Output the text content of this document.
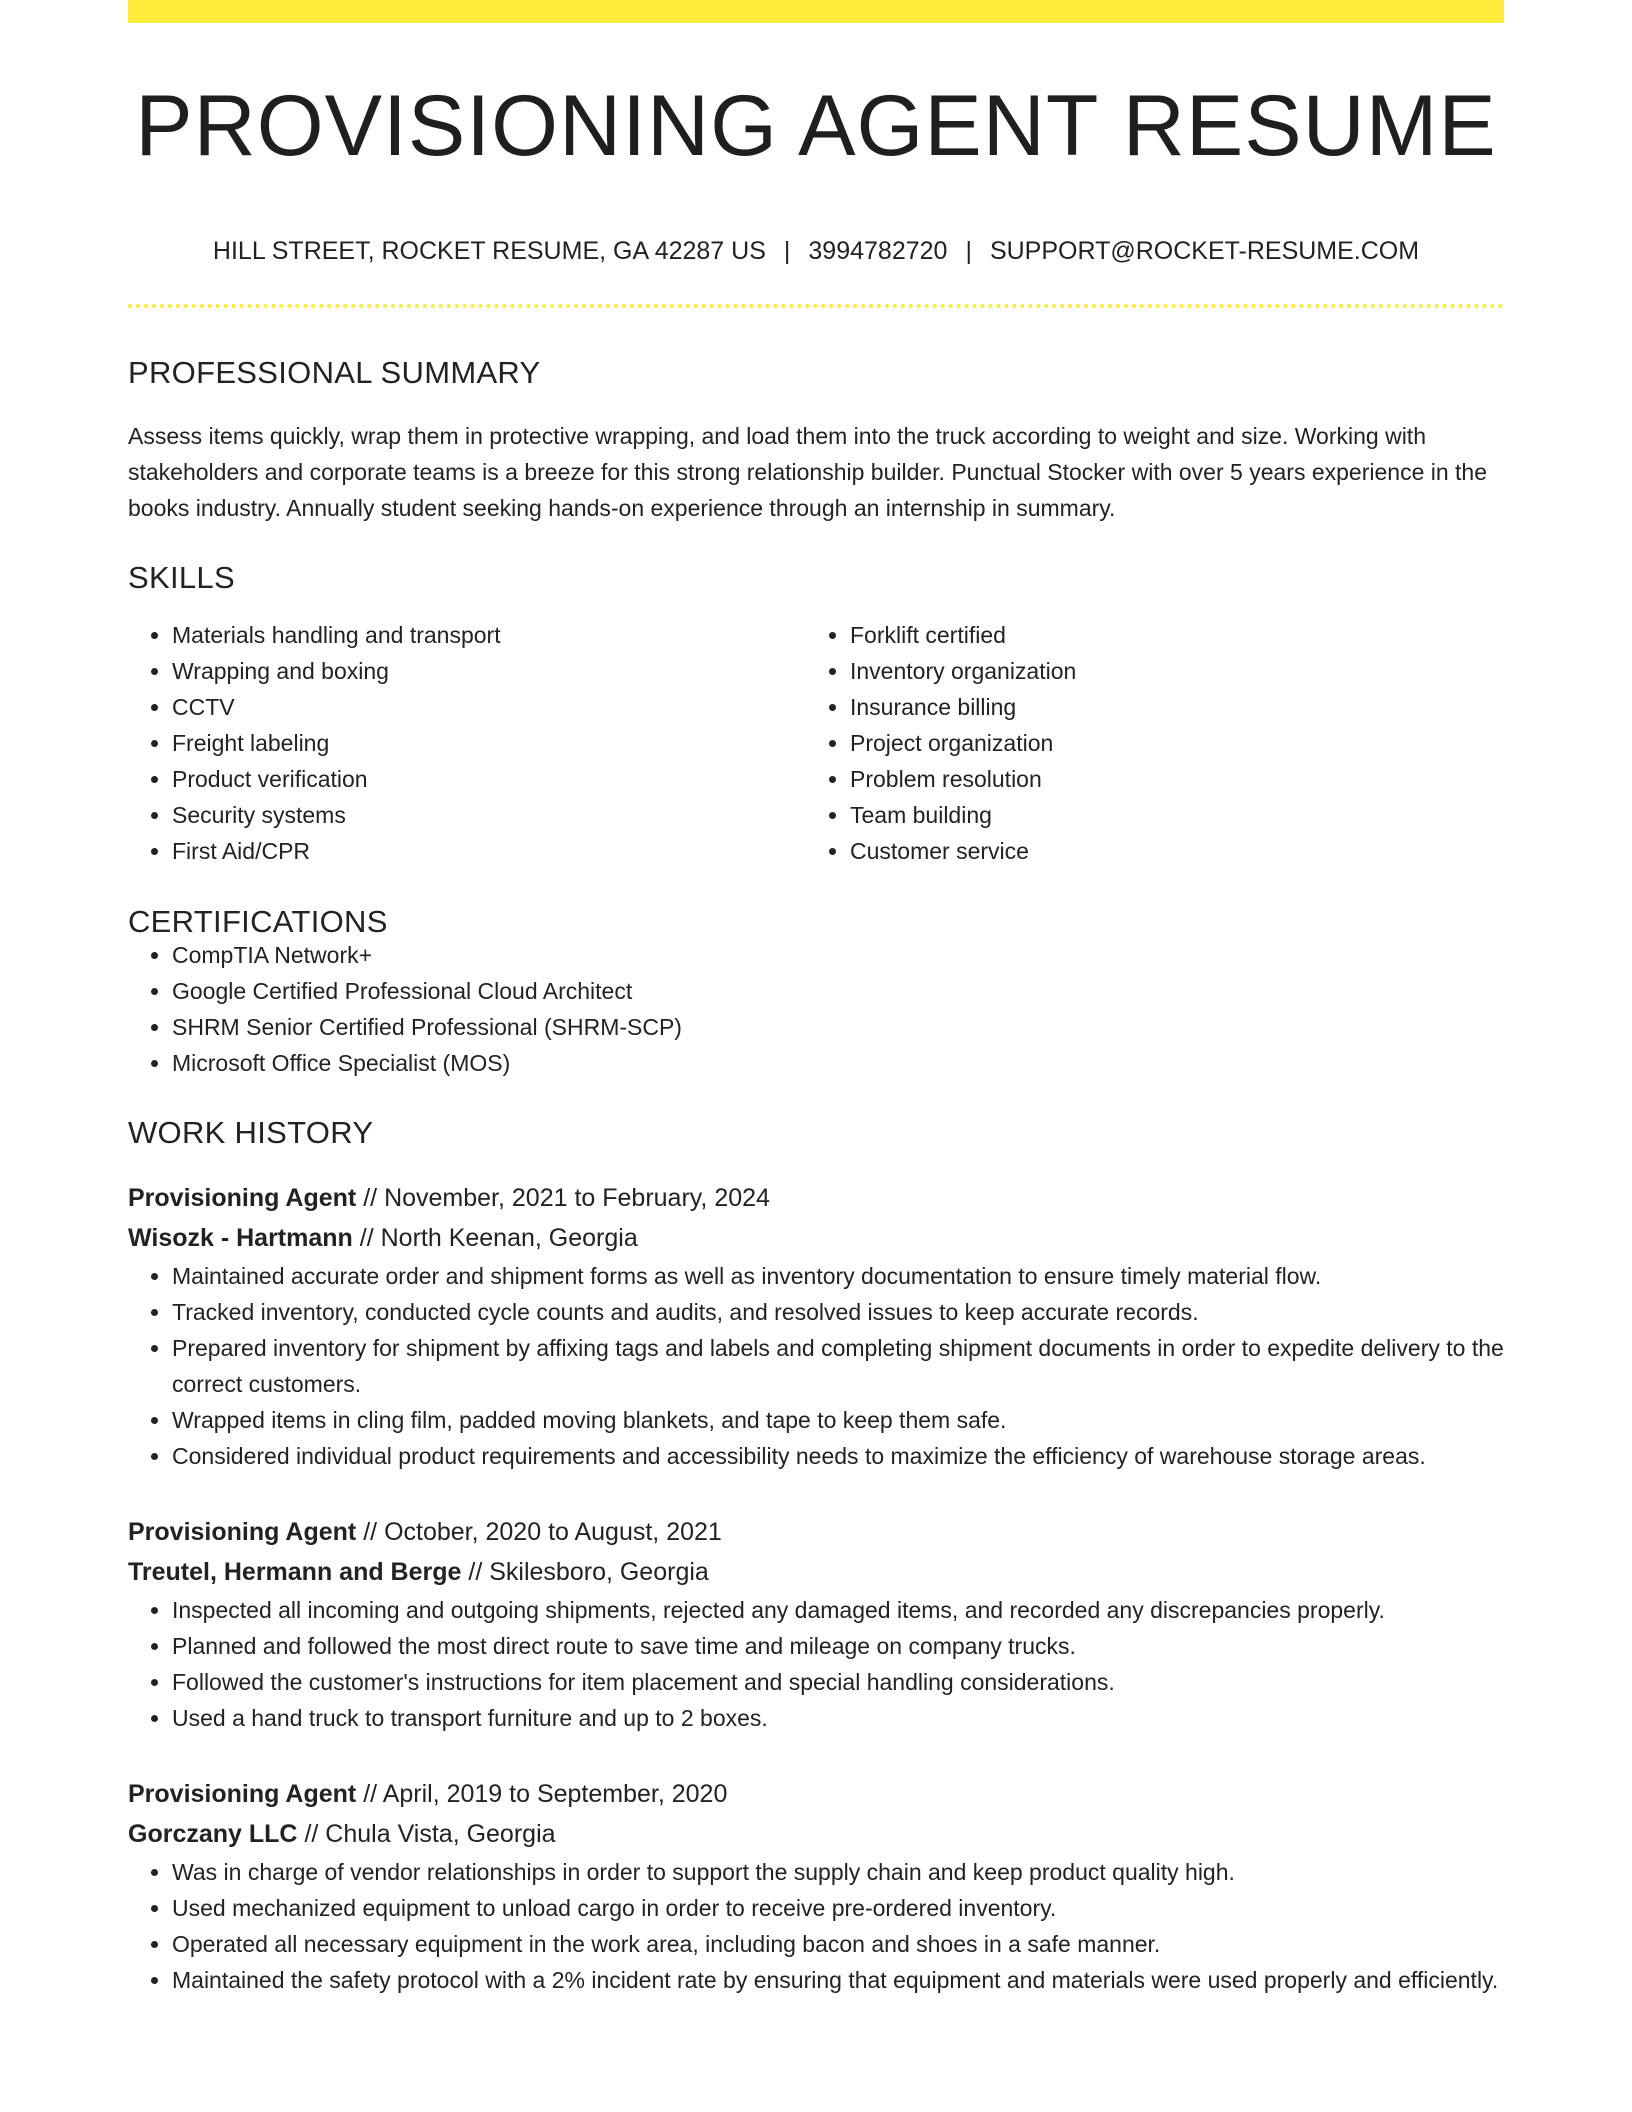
PROVISIONING AGENT RESUME
HILL STREET, ROCKET RESUME, GA 42287 US | 3994782720 | SUPPORT@ROCKET-RESUME.COM
PROFESSIONAL SUMMARY

Assess items quickly, wrap them in protective wrapping, and load them into the truck according to weight and size. Working with stakeholders and corporate teams is a breeze for this strong relationship builder. Punctual Stocker with over 5 years experience in the books industry. Annually student seeking hands-on experience through an internship in summary.

SKILLS
• Materials handling and transport
• Wrapping and boxing
• CCTV
• Freight labeling
• Product verification
• Security systems
• First Aid/CPR
• Forklift certified
• Inventory organization
• Insurance billing
• Project organization
• Problem resolution
• Team building
• Customer service
CERTIFICATIONS
• CompTIA Network+
• Google Certified Professional Cloud Architect
• SHRM Senior Certified Professional (SHRM-SCP)
• Microsoft Office Specialist (MOS)
WORK HISTORY
Provisioning Agent // November, 2021 to February, 2024
Wisozk - Hartmann // North Keenan, Georgia
• Maintained accurate order and shipment forms as well as inventory documentation to ensure timely material flow.
• Tracked inventory, conducted cycle counts and audits, and resolved issues to keep accurate records.
• Prepared inventory for shipment by affixing tags and labels and completing shipment documents in order to expedite delivery to the correct customers.
• Wrapped items in cling film, padded moving blankets, and tape to keep them safe.
• Considered individual product requirements and accessibility needs to maximize the efficiency of warehouse storage areas.
Provisioning Agent // October, 2020 to August, 2021
Treutel, Hermann and Berge // Skilesboro, Georgia
• Inspected all incoming and outgoing shipments, rejected any damaged items, and recorded any discrepancies properly.
• Planned and followed the most direct route to save time and mileage on company trucks.
• Followed the customer's instructions for item placement and special handling considerations.
• Used a hand truck to transport furniture and up to 2 boxes.
Provisioning Agent // April, 2019 to September, 2020
Gorczany LLC // Chula Vista, Georgia
• Was in charge of vendor relationships in order to support the supply chain and keep product quality high.
• Used mechanized equipment to unload cargo in order to receive pre-ordered inventory.
• Operated all necessary equipment in the work area, including bacon and shoes in a safe manner.
• Maintained the safety protocol with a 2% incident rate by ensuring that equipment and materials were used properly and efficiently.
